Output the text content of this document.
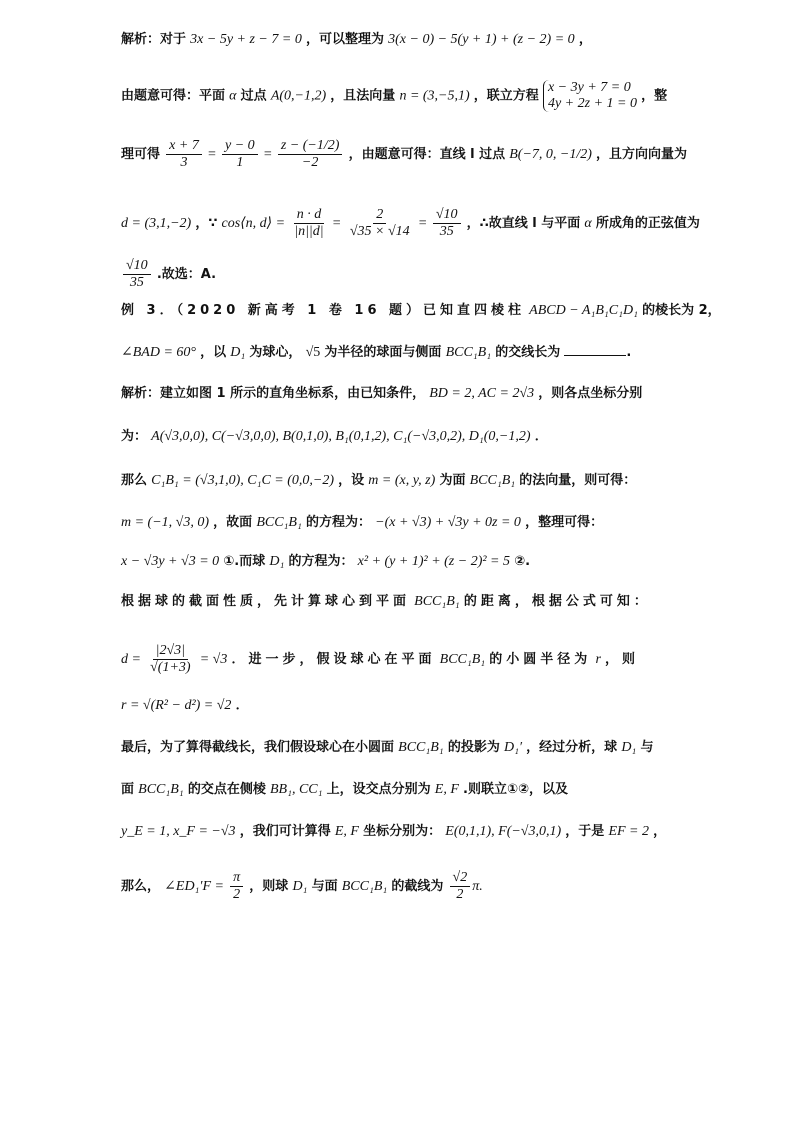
解析：对于 3x − 5y + z − 7 = 0 ，可以整理为 3(x − 0) − 5(y + 1) + (z − 2) = 0 ，
由题意可得：平面 α 过点 A(0,−1,2) ，且法向量 n = (3,−5,1) ，联立方程
x − 3y + 7 = 0
4y + 2z + 1 = 0 ，整
理可得 $\frac{x + 7}{3} = \frac{y - 0}{1} = \frac{z - (-1/2)}{-2}$ ，由题意可得：直线 l 过点 B(−7, 0, −1/2) ，且方向向量为
d = (3,1,−2) ，∵ cos⟨n, d⟩ = $\frac{n \cdot d}{|n||d|} = \frac{2}{√35 \times √14} = \frac{√10}{35}$ ，∴故直线 l 与平面 α 所成角的正弦值为
$\frac{√10}{35}$ .故选：A.
例 3．（2020 新高考 1 卷 16 题）已知直四棱柱 ABCD − A₁B₁C₁D₁ 的棱长为 2，
∠BAD = 60° ，以 D₁ 为球心， √5 为半径的球面与侧面 BCC₁B₁ 的交线长为	.
解析：建立如图 1 所示的直角坐标系，由已知条件， BD = 2, AC = 2√3 ，则各点坐标分别
为： A(√3,0,0), C(−√3,0,0), B(0,1,0), B₁(0,1,2), C₁(−√3,0,2), D₁(0,−1,2) ．
那么 C₁B₁ = (√3,1,0), C₁C = (0,0,−2) ，设 m = (x, y, z) 为面 BCC₁B₁ 的法向量，则可得：
m = (−1, √3, 0) ，故面 BCC₁B₁ 的方程为： −(x + √3) + √3y + 0z = 0 ，整理可得：
x − √3y + √3 = 0 ①.而球 D₁ 的方程为： x² + (y + 1)² + (z − 2)² = 5 ②.
根据球的截面性质，先计算球心到平面 BCC₁B₁ 的距离，根据公式可知：
$d = \frac{|2√3|}{√(1+3)} = √3$ ．进一步，假设球心在平面 BCC₁B₁ 的小圆半径为 r ，则
r = √(R² − d²) = √2 ．
最后，为了算得截线长，我们假设球心在小圆面 BCC₁B₁ 的投影为 D₁′ ，经过分析，球 D₁ 与
面 BCC₁B₁ 的交点在侧棱 BB₁, CC₁ 上，设交点分别为 E, F .则联立①②，以及
y_E = 1, x_F = −√3 ，我们可计算得 E, F 坐标分别为： E(0,1,1), F(−√3,0,1) ，于是 EF = 2 ，
那么， ∠ED₁′F = $\frac{\pi}{2}$ ，则球 D₁ 与面 BCC₁B₁ 的截线为 $\frac{√2}{2} \pi$.
